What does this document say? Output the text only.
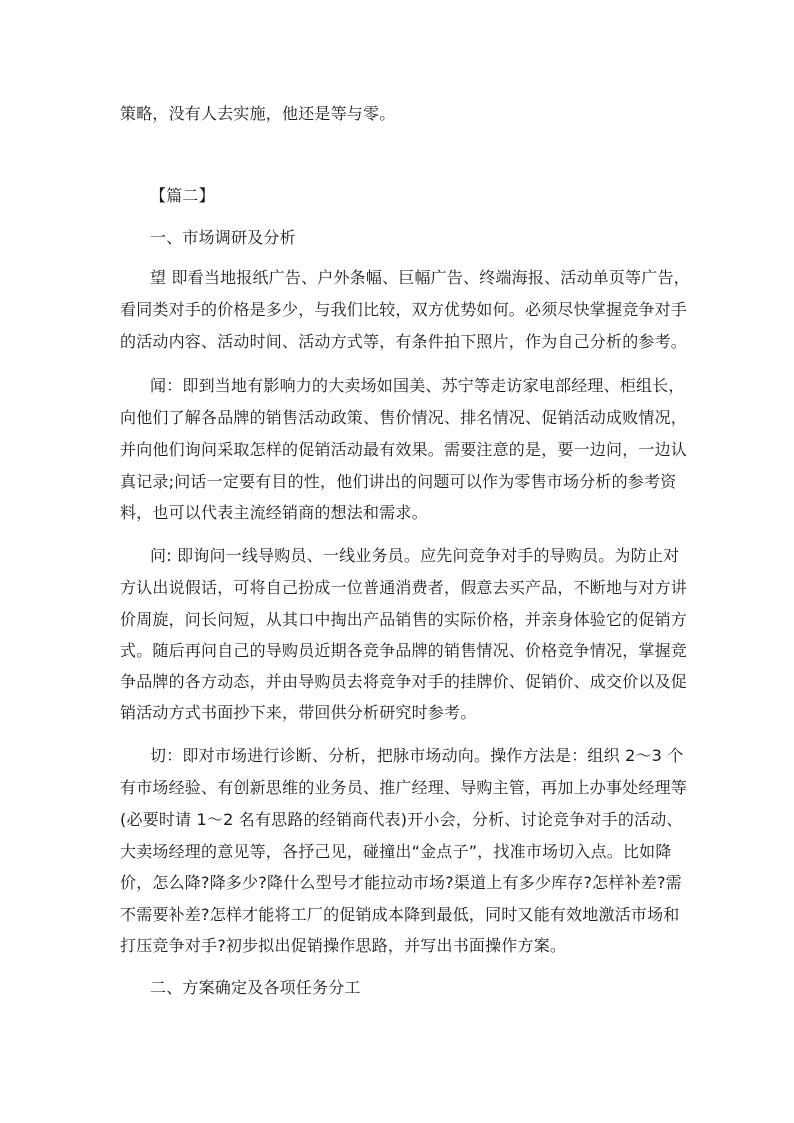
策略，没有人去实施，他还是等与零。
【篇二】
一、市场调研及分析
望 即看当地报纸广告、户外条幅、巨幅广告、终端海报、活动单页等广告，
看同类对手的价格是多少，与我们比较，双方优势如何。必须尽快掌握竞争对手
的活动内容、活动时间、活动方式等，有条件拍下照片，作为自己分析的参考。
闻：即到当地有影响力的大卖场如国美、苏宁等走访家电部经理、柜组长，
向他们了解各品牌的销售活动政策、售价情况、排名情况、促销活动成败情况，
并向他们询问采取怎样的促销活动最有效果。需要注意的是，要一边问，一边认
真记录;问话一定要有目的性，他们讲出的问题可以作为零售市场分析的参考资
料，也可以代表主流经销商的想法和需求。
问: 即询问一线导购员、一线业务员。应先问竞争对手的导购员。为防止对
方认出说假话，可将自己扮成一位普通消费者，假意去买产品，不断地与对方讲
价周旋，问长问短，从其口中掏出产品销售的实际价格，并亲身体验它的促销方
式。随后再问自己的导购员近期各竞争品牌的销售情况、价格竞争情况，掌握竞
争品牌的各方动态，并由导购员去将竞争对手的挂牌价、促销价、成交价以及促
销活动方式书面抄下来，带回供分析研究时参考。
切：即对市场进行诊断、分析，把脉市场动向。操作方法是：组织 2～3 个
有市场经验、有创新思维的业务员、推广经理、导购主管，再加上办事处经理等
(必要时请 1～2 名有思路的经销商代表)开小会，分析、讨论竞争对手的活动、
大卖场经理的意见等，各抒己见，碰撞出“金点子”，找准市场切入点。比如降
价，怎么降?降多少?降什么型号才能拉动市场?渠道上有多少库存?怎样补差?需
不需要补差?怎样才能将工厂的促销成本降到最低，同时又能有效地激活市场和
打压竞争对手?初步拟出促销操作思路，并写出书面操作方案。
二、方案确定及各项任务分工
